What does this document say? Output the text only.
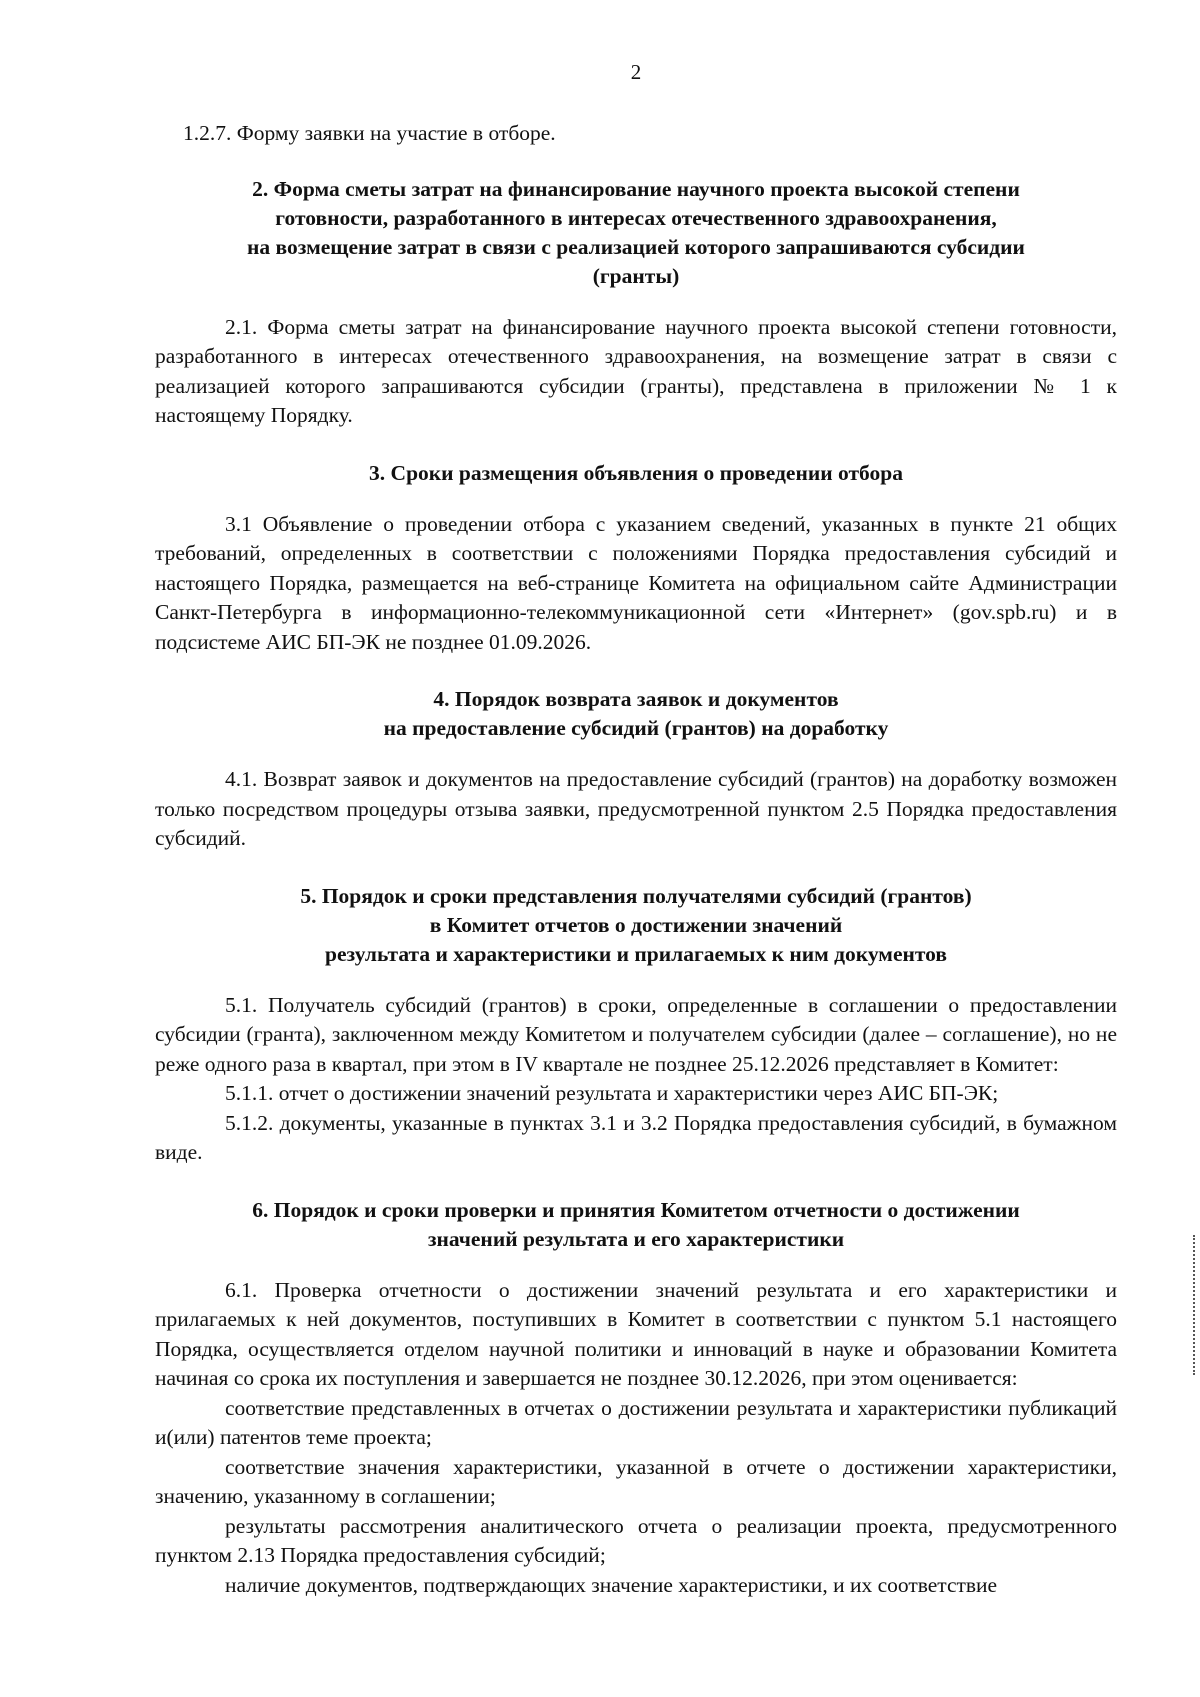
2

1.2.7. Форму заявки на участие в отборе.

2. Форма сметы затрат на финансирование научного проекта высокой степени
готовности, разработанного в интересах отечественного здравоохранения,
на возмещение затрат в связи с реализацией которого запрашиваются субсидии
(гранты)

2.1. Форма сметы затрат на финансирование научного проекта высокой степени готовности, разработанного в интересах отечественного здравоохранения, на возмещение затрат в связи с реализацией которого запрашиваются субсидии (гранты), представлена в приложении № 1 к настоящему Порядку.

3. Сроки размещения объявления о проведении отбора

3.1 Объявление о проведении отбора с указанием сведений, указанных в пункте 21 общих требований, определенных в соответствии с положениями Порядка предоставления субсидий и настоящего Порядка, размещается на веб-странице Комитета на официальном сайте Администрации Санкт-Петербурга в информационно-телекоммуникационной сети «Интернет» (gov.spb.ru) и в подсистеме АИС БП-ЭК не позднее 01.09.2026.

4. Порядок возврата заявок и документов
на предоставление субсидий (грантов) на доработку

4.1. Возврат заявок и документов на предоставление субсидий (грантов) на доработку возможен только посредством процедуры отзыва заявки, предусмотренной пунктом 2.5 Порядка предоставления субсидий.

5. Порядок и сроки представления получателями субсидий (грантов)
в Комитет отчетов о достижении значений
результата и характеристики и прилагаемых к ним документов

5.1. Получатель субсидий (грантов) в сроки, определенные в соглашении о предоставлении субсидии (гранта), заключенном между Комитетом и получателем субсидии (далее – соглашение), но не реже одного раза в квартал, при этом в IV квартале не позднее 25.12.2026 представляет в Комитет:

5.1.1. отчет о достижении значений результата и характеристики через АИС БП-ЭК;

5.1.2. документы, указанные в пунктах 3.1 и 3.2 Порядка предоставления субсидий, в бумажном виде.

6. Порядок и сроки проверки и принятия Комитетом отчетности о достижении
значений результата и его характеристики

6.1. Проверка отчетности о достижении значений результата и его характеристики и прилагаемых к ней документов, поступивших в Комитет в соответствии с пунктом 5.1 настоящего Порядка, осуществляется отделом научной политики и инноваций в науке и образовании Комитета начиная со срока их поступления и завершается не позднее 30.12.2026, при этом оценивается:

соответствие представленных в отчетах о достижении результата и характеристики публикаций и(или) патентов теме проекта;

соответствие значения характеристики, указанной в отчете о достижении характеристики, значению, указанному в соглашении;

результаты рассмотрения аналитического отчета о реализации проекта, предусмотренного пунктом 2.13 Порядка предоставления субсидий;

наличие документов, подтверждающих значение характеристики, и их соответствие
